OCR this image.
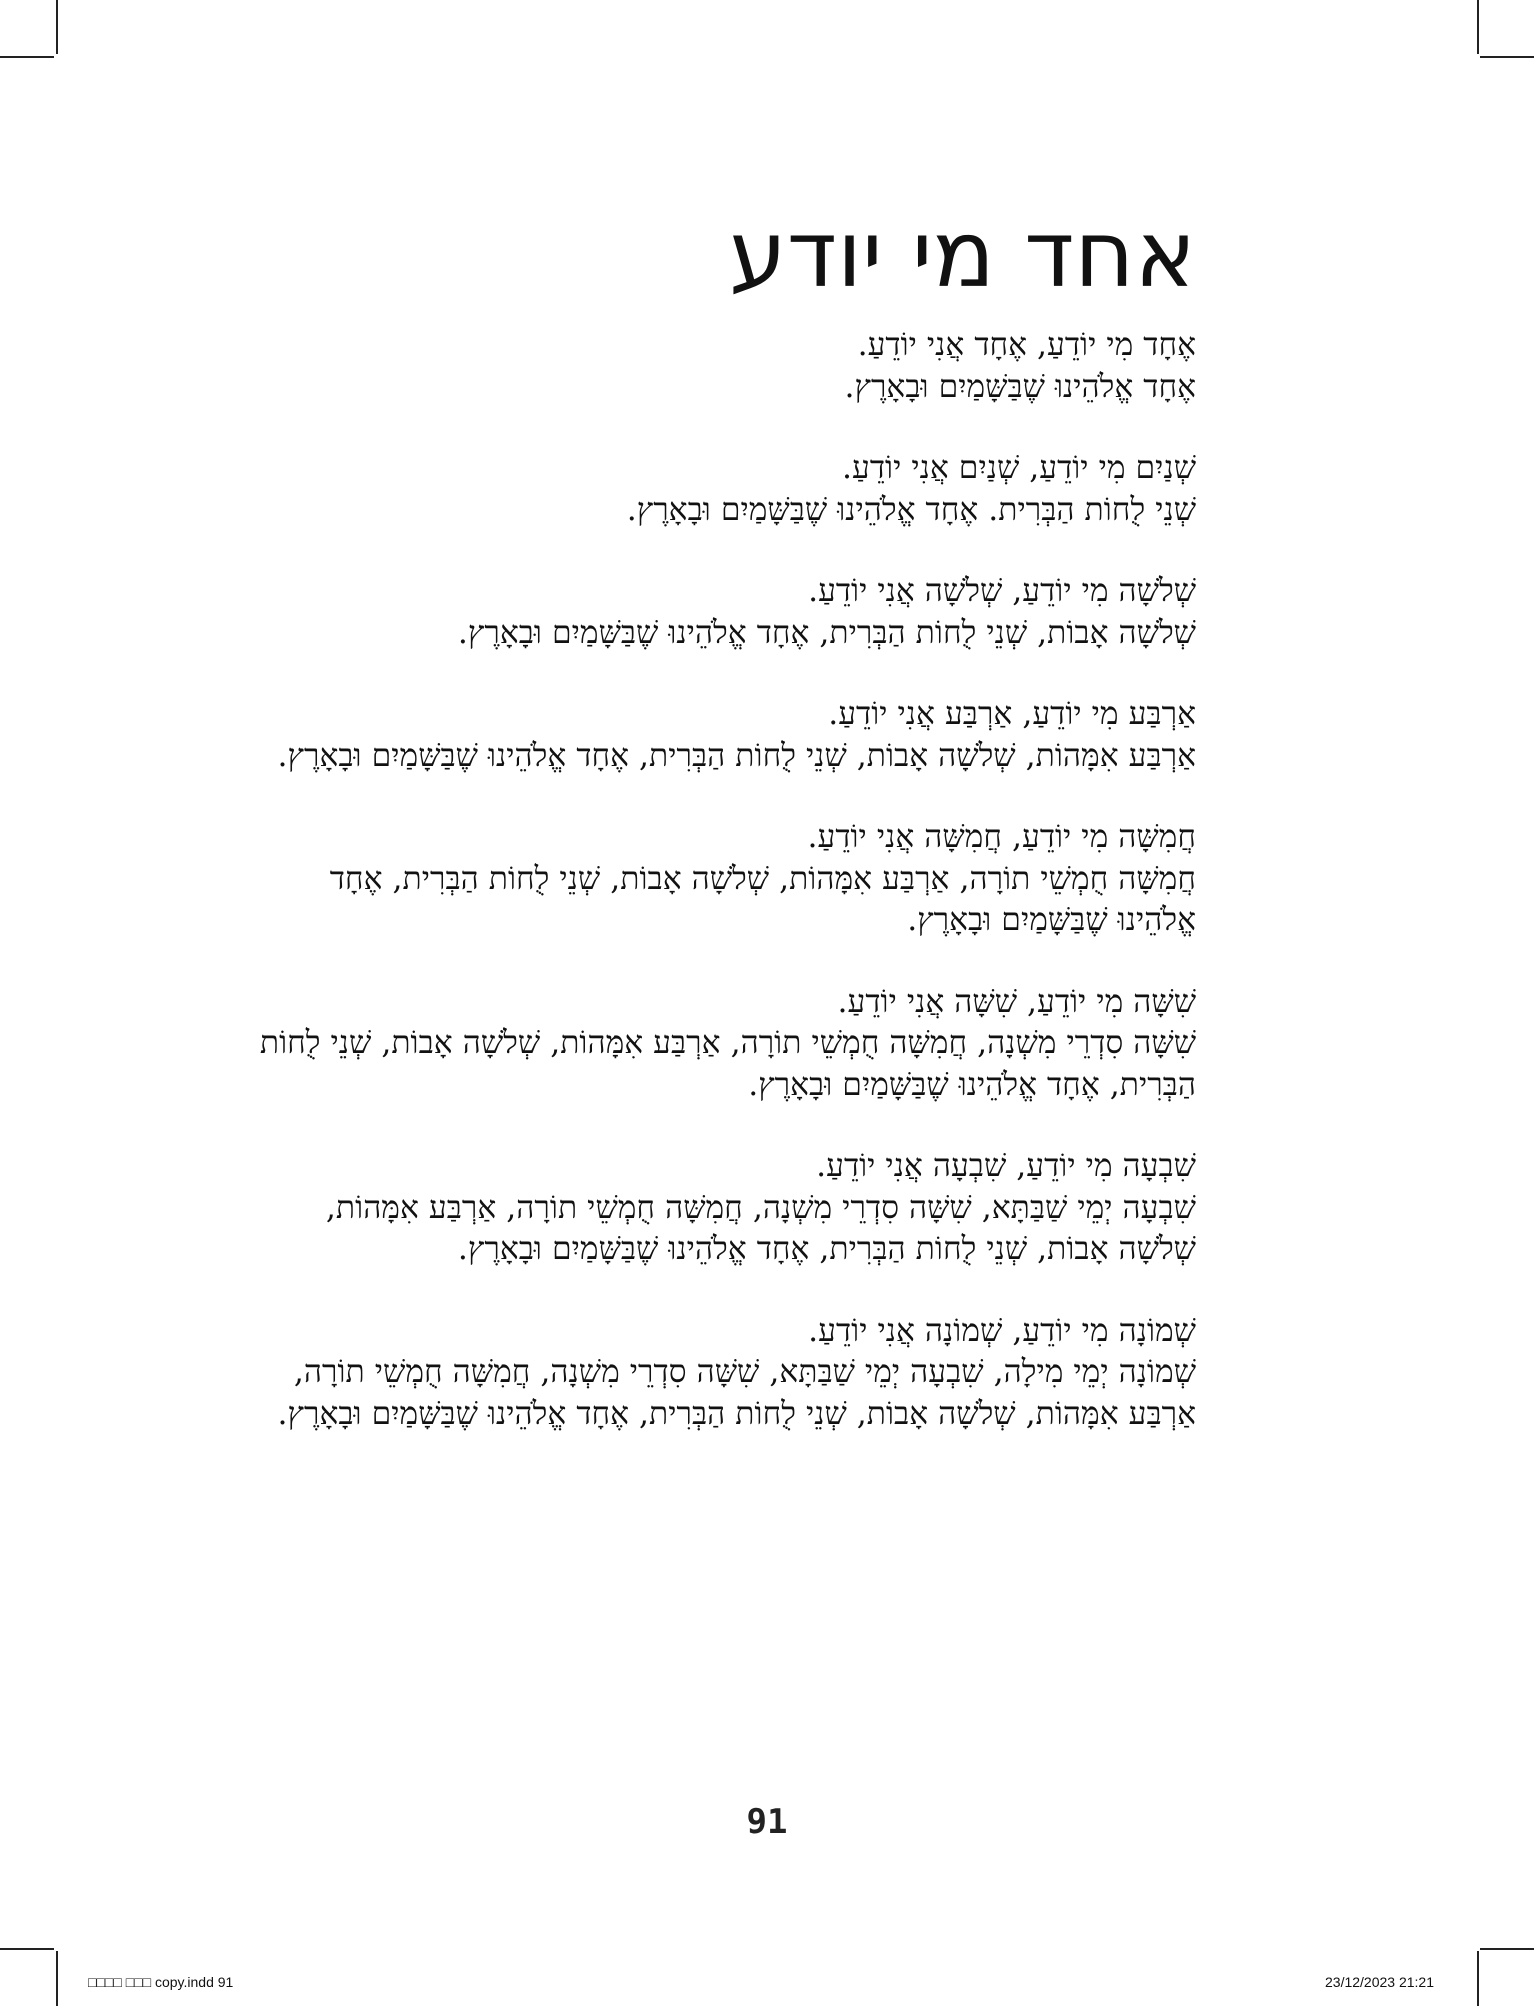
אחד מי יודע

אֶחָד מִי יוֹדֵעַ, אֶחָד אֲנִי יוֹדֵעַ.
אֶחָד אֱלֹהֵינוּ שֶׁבַּשָּׁמַיִם וּבָאָרֶץ.

שְׁנַיִם מִי יוֹדֵעַ, שְׁנַיִם אֲנִי יוֹדֵעַ.
שְׁנֵי לֻחוֹת הַבְּרִית. אֶחָד אֱלֹהֵינוּ שֶׁבַּשָּׁמַיִם וּבָאָרֶץ.

שְׁלֹשָׁה מִי יוֹדֵעַ, שְׁלֹשָׁה אֲנִי יוֹדֵעַ.
שְׁלֹשָׁה אָבוֹת, שְׁנֵי לֻחוֹת הַבְּרִית, אֶחָד אֱלֹהֵינוּ שֶׁבַּשָּׁמַיִם וּבָאָרֶץ.

אַרְבַּע מִי יוֹדֵעַ, אַרְבַּע אֲנִי יוֹדֵעַ.
אַרְבַּע אִמָּהוֹת, שְׁלֹשָׁה אָבוֹת, שְׁנֵי לֻחוֹת הַבְּרִית, אֶחָד אֱלֹהֵינוּ שֶׁבַּשָּׁמַיִם וּבָאָרֶץ.

חֲמִשָּׁה מִי יוֹדֵעַ, חֲמִשָּׁה אֲנִי יוֹדֵעַ.
חֲמִשָּׁה חֻמְשֵׁי תוֹרָה, אַרְבַּע אִמָּהוֹת, שְׁלֹשָׁה אָבוֹת, שְׁנֵי לֻחוֹת הַבְּרִית, אֶחָד אֱלֹהֵינוּ שֶׁבַּשָּׁמַיִם וּבָאָרֶץ.

שִׁשָּׁה מִי יוֹדֵעַ, שִׁשָּׁה אֲנִי יוֹדֵעַ.
שִׁשָּׁה סִדְרֵי מִשְׁנָה, חֲמִשָּׁה חֻמְשֵׁי תוֹרָה, אַרְבַּע אִמָּהוֹת, שְׁלֹשָׁה אָבוֹת, שְׁנֵי לֻחוֹת הַבְּרִית, אֶחָד אֱלֹהֵינוּ שֶׁבַּשָּׁמַיִם וּבָאָרֶץ.

שִׁבְעָה מִי יוֹדֵעַ, שִׁבְעָה אֲנִי יוֹדֵעַ.
שִׁבְעָה יְמֵי שַׁבַּתָּא, שִׁשָּׁה סִדְרֵי מִשְׁנָה, חֲמִשָּׁה חֻמְשֵׁי תוֹרָה, אַרְבַּע אִמָּהוֹת, שְׁלֹשָׁה אָבוֹת, שְׁנֵי לֻחוֹת הַבְּרִית, אֶחָד אֱלֹהֵינוּ שֶׁבַּשָּׁמַיִם וּבָאָרֶץ.

שְׁמוֹנָה מִי יוֹדֵעַ, שְׁמוֹנָה אֲנִי יוֹדֵעַ.
שְׁמוֹנָה יְמֵי מִילָה, שִׁבְעָה יְמֵי שַׁבַּתָּא, שִׁשָּׁה סִדְרֵי מִשְׁנָה, חֲמִשָּׁה חֻמְשֵׁי תוֹרָה, אַרְבַּע אִמָּהוֹת, שְׁלֹשָׁה אָבוֹת, שְׁנֵי לֻחוֹת הַבְּרִית, אֶחָד אֱלֹהֵינוּ שֶׁבַּשָּׁמַיִם וּבָאָרֶץ.

91
□□□□ □□□ copy.indd 91	23/12/2023 21:21
